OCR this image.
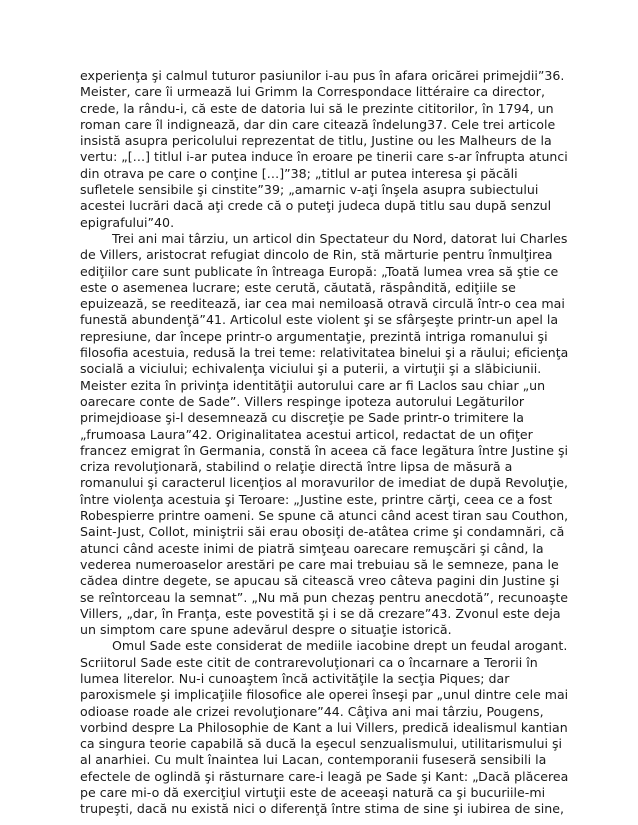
experienţa şi calmul tuturor pasiunilor i-au pus în afara oricărei primejdii”36.
Meister, care îi urmează lui Grimm la Correspondace littéraire ca director,
crede, la rându-i, că este de datoria lui să le prezinte cititorilor, în 1794, un
roman care îl indignează, dar din care citează îndelung37. Cele trei articole
insistă asupra pericolului reprezentat de titlu, Justine ou les Malheurs de la
vertu: „[…] titlul i-ar putea induce în eroare pe tinerii care s-ar înfrupta atunci
din otrava pe care o conţine […]”38; „titlul ar putea interesa şi păcăli
sufletele sensibile şi cinstite”39; „amarnic v-aţi înşela asupra subiectului
acestei lucrări dacă aţi crede că o puteţi judeca după titlu sau după senzul
epigrafului”40.
Trei ani mai târziu, un articol din Spectateur du Nord, datorat lui Charles
de Villers, aristocrat refugiat dincolo de Rin, stă mărturie pentru înmulţirea
ediţiilor care sunt publicate în întreaga Europă: „Toată lumea vrea să ştie ce
este o asemenea lucrare; este cerută, căutată, răspândită, ediţiile se
epuizează, se reeditează, iar cea mai nemiloasă otravă circulă într-o cea mai
funestă abundenţă”41. Articolul este violent şi se sfârşeşte printr-un apel la
represiune, dar începe printr-o argumentaţie, prezintă intriga romanului şi
filosofia acestuia, redusă la trei teme: relativitatea binelui şi a răului; eficienţa
socială a viciului; echivalenţa viciului şi a puterii, a virtuţii şi a slăbiciunii.
Meister ezita în privinţa identităţii autorului care ar fi Laclos sau chiar „un
oarecare conte de Sade”. Villers respinge ipoteza autorului Legăturilor
primejdioase şi-l desemnează cu discreţie pe Sade printr-o trimitere la
„frumoasa Laura”42. Originalitatea acestui articol, redactat de un ofiţer
francez emigrat în Germania, constă în aceea că face legătura între Justine şi
criza revoluţionară, stabilind o relaţie directă între lipsa de măsură a
romanului şi caracterul licenţios al moravurilor de imediat de după Revoluţie,
între violenţa acestuia şi Teroare: „Justine este, printre cărţi, ceea ce a fost
Robespierre printre oameni. Se spune că atunci când acest tiran sau Couthon,
Saint-Just, Collot, miniştrii săi erau obosiţi de-atâtea crime şi condamnări, că
atunci când aceste inimi de piatră simţeau oarecare remuşcări şi când, la
vederea numeroaselor arestări pe care mai trebuiau să le semneze, pana le
cădea dintre degete, se apucau să citească vreo câteva pagini din Justine şi
se reîntorceau la semnat”. „Nu mă pun chezaş pentru anecdotă”, recunoaşte
Villers, „dar, în Franţa, este povestită şi i se dă crezare”43. Zvonul este deja
un simptom care spune adevărul despre o situaţie istorică.
Omul Sade este considerat de mediile iacobine drept un feudal arogant.
Scriitorul Sade este citit de contrarevoluţionari ca o încarnare a Terorii în
lumea literelor. Nu-i cunoaştem încă activităţile la secţia Piques; dar
paroxismele şi implicaţiile filosofice ale operei înseşi par „unul dintre cele mai
odioase roade ale crizei revoluţionare”44. Câţiva ani mai târziu, Pougens,
vorbind despre La Philosophie de Kant a lui Villers, predică idealismul kantian
ca singura teorie capabilă să ducă la eşecul senzualismului, utilitarismului şi
al anarhiei. Cu mult înaintea lui Lacan, contemporanii fuseseră sensibili la
efectele de oglindă şi răsturnare care-i leagă pe Sade şi Kant: „Dacă plăcerea
pe care mi-o dă exerciţiul virtuţii este de aceeaşi natură ca şi bucuriile-mi
trupeşti, dacă nu există nici o diferenţă între stima de sine şi iubirea de sine,
